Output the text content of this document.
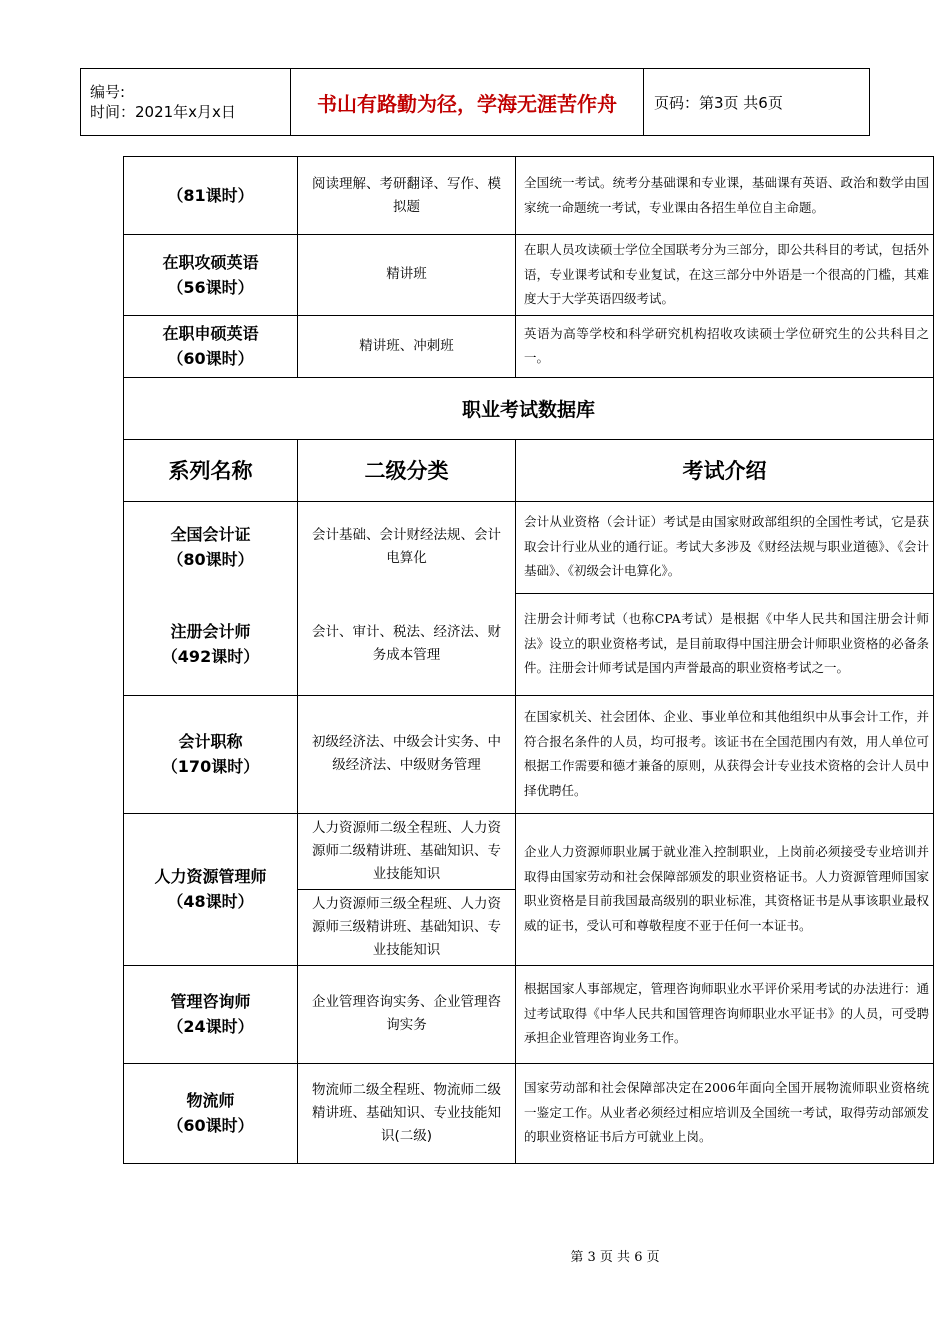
编号:
时间：2021年x月x日	书山有路勤为径，学海无涯苦作舟	页码：第3页 共6页
（81课时）	阅读理解、考研翻译、写作、模拟题	全国统一考试。统考分基础课和专业课，基础课有英语、政治和数学由国家统一命题统一考试，专业课由各招生单位自主命题。

在职攻硕英语
（56课时）	精讲班	在职人员攻读硕士学位全国联考分为三部分，即公共科目的考试，包括外语，专业课考试和专业复试，在这三部分中外语是一个很高的门槛，其难度大于大学英语四级考试。

在职申硕英语
（60课时）	精讲班、冲刺班	英语为高等学校和科学研究机构招收攻读硕士学位研究生的公共科目之一。
职业考试数据库		
系列名称	二级分类	考试介绍

全国会计证
（80课时）	会计基础、会计财经法规、会计电算化	会计从业资格（会计证）考试是由国家财政部组织的全国性考试，它是获取会计行业从业的通行证。考试大多涉及《财经法规与职业道德》、《会计基础》、《初级会计电算化》。

注册会计师
（492课时）	会计、审计、税法、经济法、财务成本管理	注册会计师考试（也称CPA考试）是根据《中华人民共和国注册会计师法》设立的职业资格考试，是目前取得中国注册会计师职业资格的必备条件。注册会计师考试是国内声誉最高的职业资格考试之一。

会计职称
（170课时）	初级经济法、中级会计实务、中级经济法、中级财务管理	在国家机关、社会团体、企业、事业单位和其他组织中从事会计工作，并符合报名条件的人员，均可报考。该证书在全国范围内有效，用人单位可根据工作需要和德才兼备的原则，从获得会计专业技术资格的会计人员中择优聘任。

人力资源管理师
（48课时）	人力资源师二级全程班、人力资源师二级精讲班、基础知识、专业技能知识	企业人力资源师职业属于就业准入控制职业，上岗前必须接受专业培训并取得由国家劳动和社会保障部颁发的职业资格证书。人力资源管理师国家职业资格是目前我国最高级别的职业标准，其资格证书是从事该职业最权威的证书，受认可和尊敬程度不亚于任何一本证书。
	人力资源师三级全程班、人力资源师三级精讲班、基础知识、专业技能知识	

管理咨询师
（24课时）	企业管理咨询实务、企业管理咨询实务	根据国家人事部规定，管理咨询师职业水平评价采用考试的办法进行：通过考试取得《中华人民共和国管理咨询师职业水平证书》的人员，可受聘承担企业管理咨询业务工作。

物流师
（60课时）	物流师二级全程班、物流师二级精讲班、基础知识、专业技能知识(二级)	国家劳动部和社会保障部决定在2006年面向全国开展物流师职业资格统一鉴定工作。从业者必须经过相应培训及全国统一考试，取得劳动部颁发的职业资格证书后方可就业上岗。
第 3 页 共 6 页
